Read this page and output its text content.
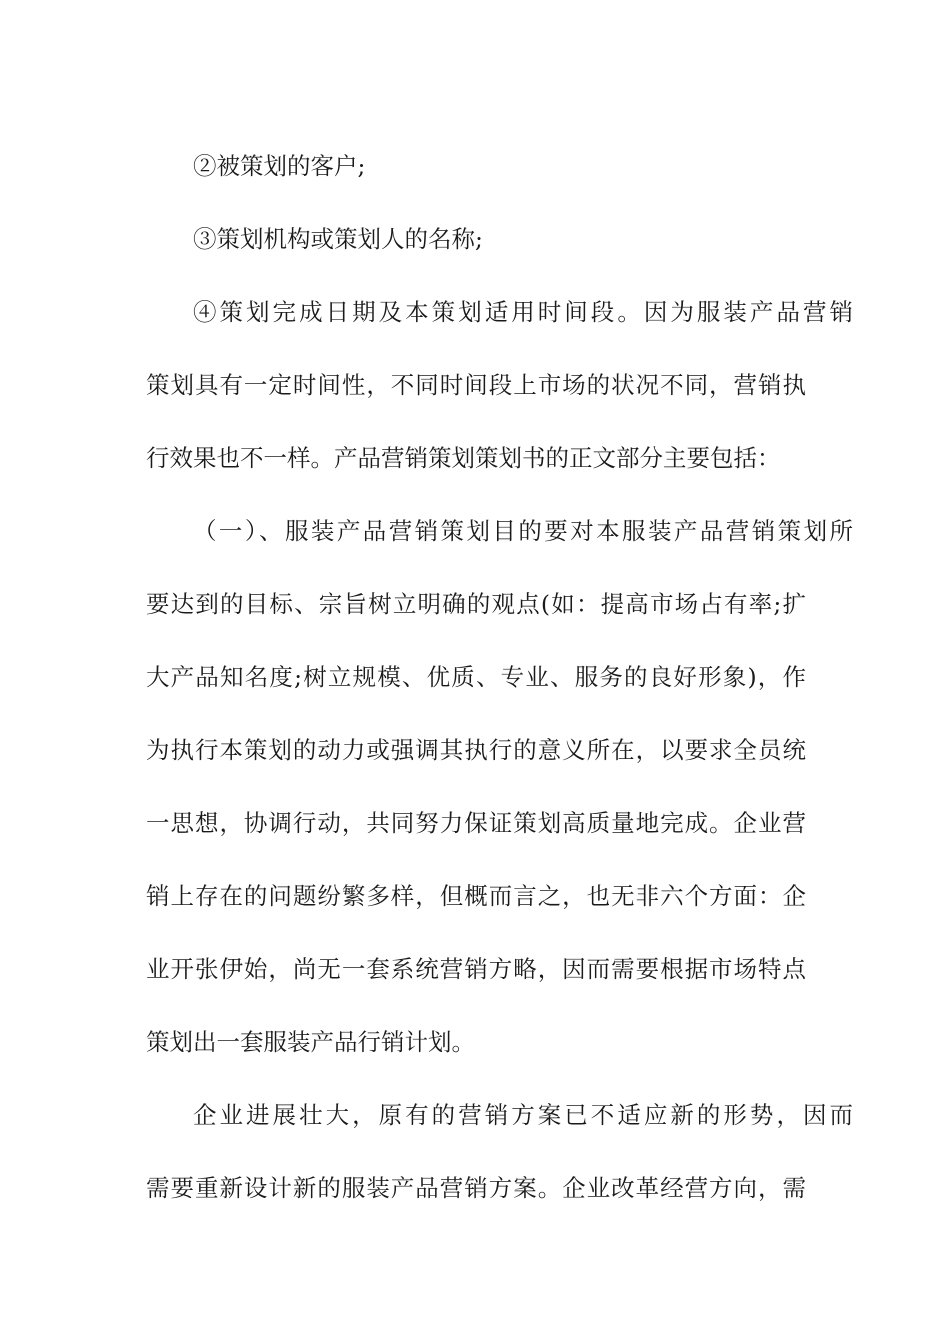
②被策划的客户;
③策划机构或策划人的名称;
④策划完成日期及本策划适用时间段。因为服装产品营销
策划具有一定时间性，不同时间段上市场的状况不同，营销执
行效果也不一样。产品营销策划策划书的正文部分主要包括：
（一）、服装产品营销策划目的要对本服装产品营销策划所
要达到的目标、宗旨树立明确的观点(如：提高市场占有率;扩
大产品知名度;树立规模、优质、专业、服务的良好形象)，作
为执行本策划的动力或强调其执行的意义所在，以要求全员统
一思想，协调行动，共同努力保证策划高质量地完成。企业营
销上存在的问题纷繁多样，但概而言之，也无非六个方面：企
业开张伊始，尚无一套系统营销方略，因而需要根据市场特点
策划出一套服装产品行销计划。
企业进展壮大，原有的营销方案已不适应新的形势，因而
需要重新设计新的服装产品营销方案。企业改革经营方向，需
